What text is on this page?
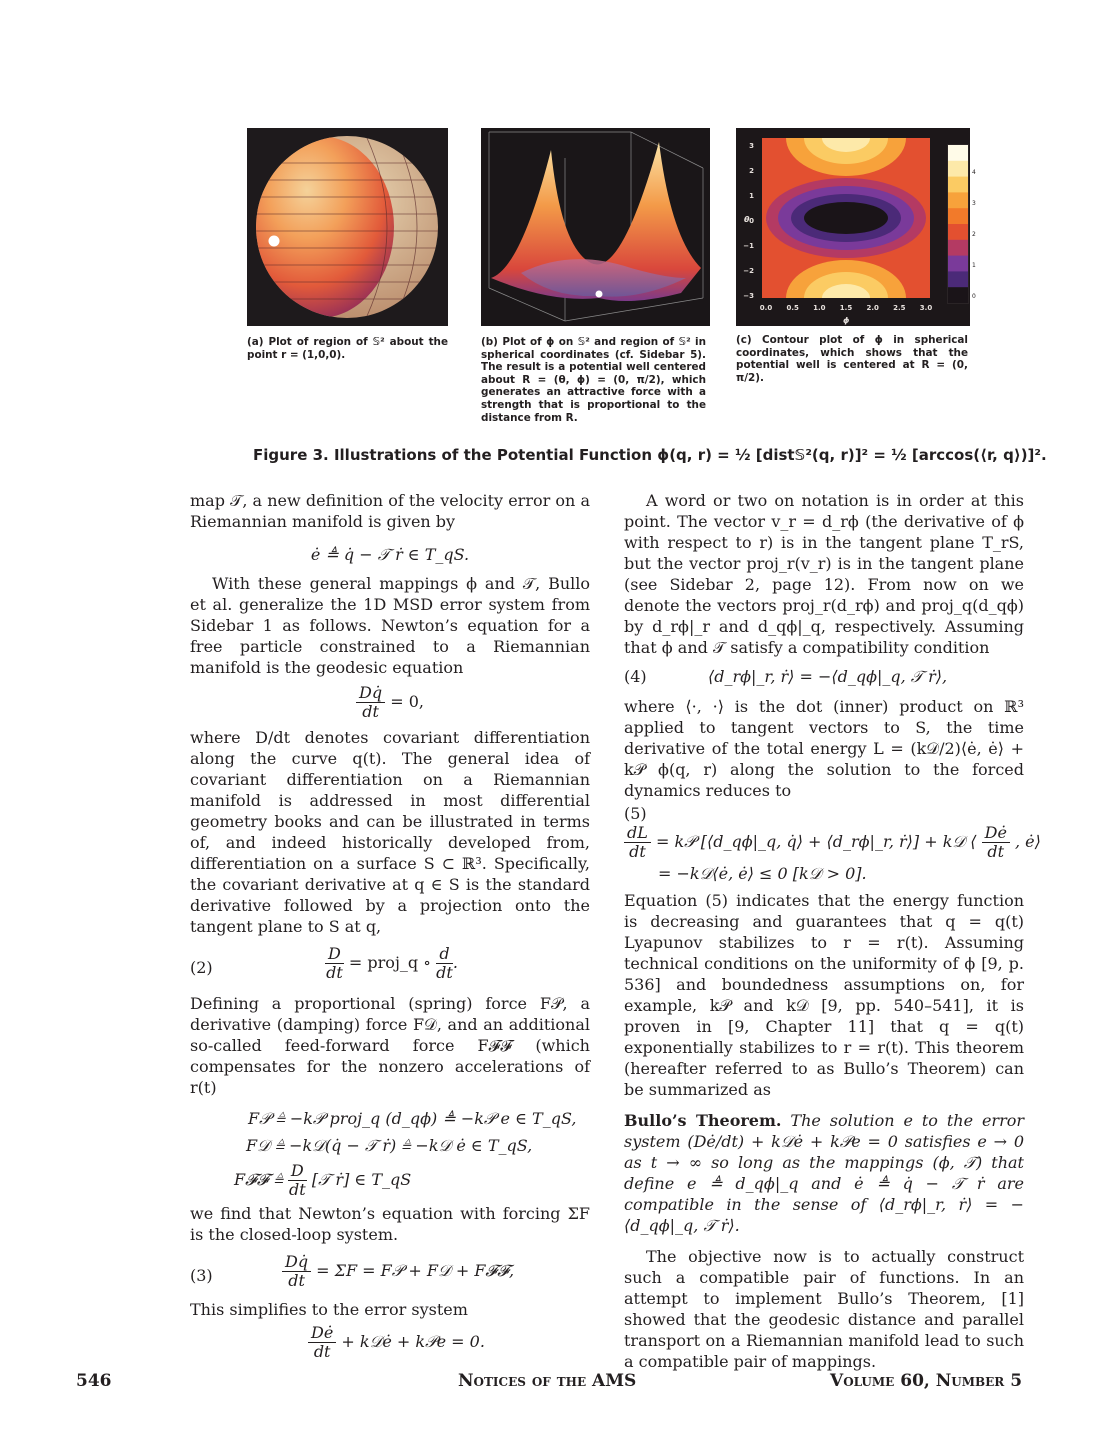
(a) Plot of region of 𝕊² about the point r = (1,0,0).
(b) Plot of ϕ on 𝕊² and region of 𝕊² in spherical coordinates (cf. Sidebar 5). The result is a potential well centered about R = (θ, ϕ) = (0, π/2), which generates an attractive force with a strength that is proportional to the distance from R.
3
2
1
0
−1
−2
−3
0.0 0.5 1.0 1.5 2.0 2.5 3.0
θ
ϕ
4
3
2
1
0
(c) Contour plot of ϕ in spherical coordinates, which shows that the potential well is centered at R = (0, π/2).
Figure 3. Illustrations of the Potential Function ϕ(q, r) = ½ [dist𝕊²(q, r)]² = ½ [arccos(⟨r, q⟩)]².

map 𝒯, a new definition of the velocity error on a Riemannian manifold is given by

ė ≜ q̇ − 𝒯 ṙ ∈ T_qS.

With these general mappings ϕ and 𝒯, Bullo et al. generalize the 1D MSD error system from Sidebar 1 as follows. Newton’s equation for a free particle constrained to a Riemannian manifold is the geodesic equation

$\frac{Dq̇}{dt} = 0$,

where D/dt denotes covariant differentiation along the curve q(t). The general idea of covariant differentiation on a Riemannian manifold is addressed in most differential geometry books and can be illustrated in terms of, and indeed historically developed from, differentiation on a surface S ⊂ ℝ³. Specifically, the covariant derivative at q ∈ S is the standard derivative followed by a projection onto the tangent plane to S at q,

(2)	$\frac{D}{dt}$ = proj_q ∘ $\frac{d}{dt}$ .

Defining a proportional (spring) force F𝒫, a derivative (damping) force F𝒟, and an additional so-called feed-forward force F𝓕𝓕 (which compensates for the nonzero accelerations of r(t)

F𝒫 ≜ −k𝒫 proj_q (d_qϕ) ≜ −k𝒫 e ∈ T_qS,
F𝒟 ≜ −k𝒟(q̇ − 𝒯 ṙ) ≜ −k𝒟 ė ∈ T_qS,
F𝓕𝓕 ≜ $\frac{D}{dt}$ [𝒯 ṙ] ∈ T_qS

we find that Newton’s equation with forcing ΣF is the closed-loop system.

(3)	$\frac{Dq̇}{dt} = \Sigma F$ = F𝒫 + F𝒟 + F𝓕𝓕,

This simplifies to the error system

$\frac{Dė}{dt}$ + k𝒟ė + k𝒫e = 0.

A word or two on notation is in order at this point. The vector v_r = d_rϕ (the derivative of ϕ with respect to r) is in the tangent plane T_rS, but the vector proj_r(v_r) is in the tangent plane (see Sidebar 2, page 12). From now on we denote the vectors proj_r(d_rϕ) and proj_q(d_qϕ) by d_rϕ|_r and d_qϕ|_q, respectively. Assuming that ϕ and 𝒯 satisfy a compatibility condition

(4)	⟨d_rϕ|_r, ṙ⟩ = −⟨d_qϕ|_q, 𝒯 ṙ⟩,

where ⟨·, ·⟩ is the dot (inner) product on ℝ³ applied to tangent vectors to S, the time derivative of the total energy L = (k𝒟/2)⟨ė, ė⟩ + k𝒫 ϕ(q, r) along the solution to the forced dynamics reduces to

(5)
$\frac{dL}{dt}$ = k𝒫 [⟨d_qϕ|_q, q̇⟩ + ⟨d_rϕ|_r, ṙ⟩] + k𝒟 ⟨ $\frac{Dė}{dt}$ , ė⟩
= −k𝒟⟨ė, ė⟩ ≤ 0 [k𝒟 > 0].

Equation (5) indicates that the energy function is decreasing and guarantees that q = q(t) Lyapunov stabilizes to r = r(t). Assuming technical conditions on the uniformity of ϕ [9, p. 536] and boundedness assumptions on, for example, k𝒫 and k𝒟 [9, pp. 540–541], it is proven in [9, Chapter 11] that q = q(t) exponentially stabilizes to r = r(t). This theorem (hereafter referred to as Bullo’s Theorem) can be summarized as

Bullo’s Theorem. The solution e to the error system (Dė/dt) + k𝒟ė + k𝒫e = 0 satisfies e → 0 as t → ∞ so long as the mappings (ϕ, 𝒯) that define e ≜ d_qϕ|_q and ė ≜ q̇ − 𝒯 ṙ are compatible in the sense of ⟨d_rϕ|_r, ṙ⟩ = −⟨d_qϕ|_q, 𝒯 ṙ⟩.

The objective now is to actually construct such a compatible pair of functions. In an attempt to implement Bullo’s Theorem, [1] showed that the geodesic distance and parallel transport on a Riemannian manifold lead to such a compatible pair of mappings.

546	Notices of the AMS	Volume 60, Number 5
